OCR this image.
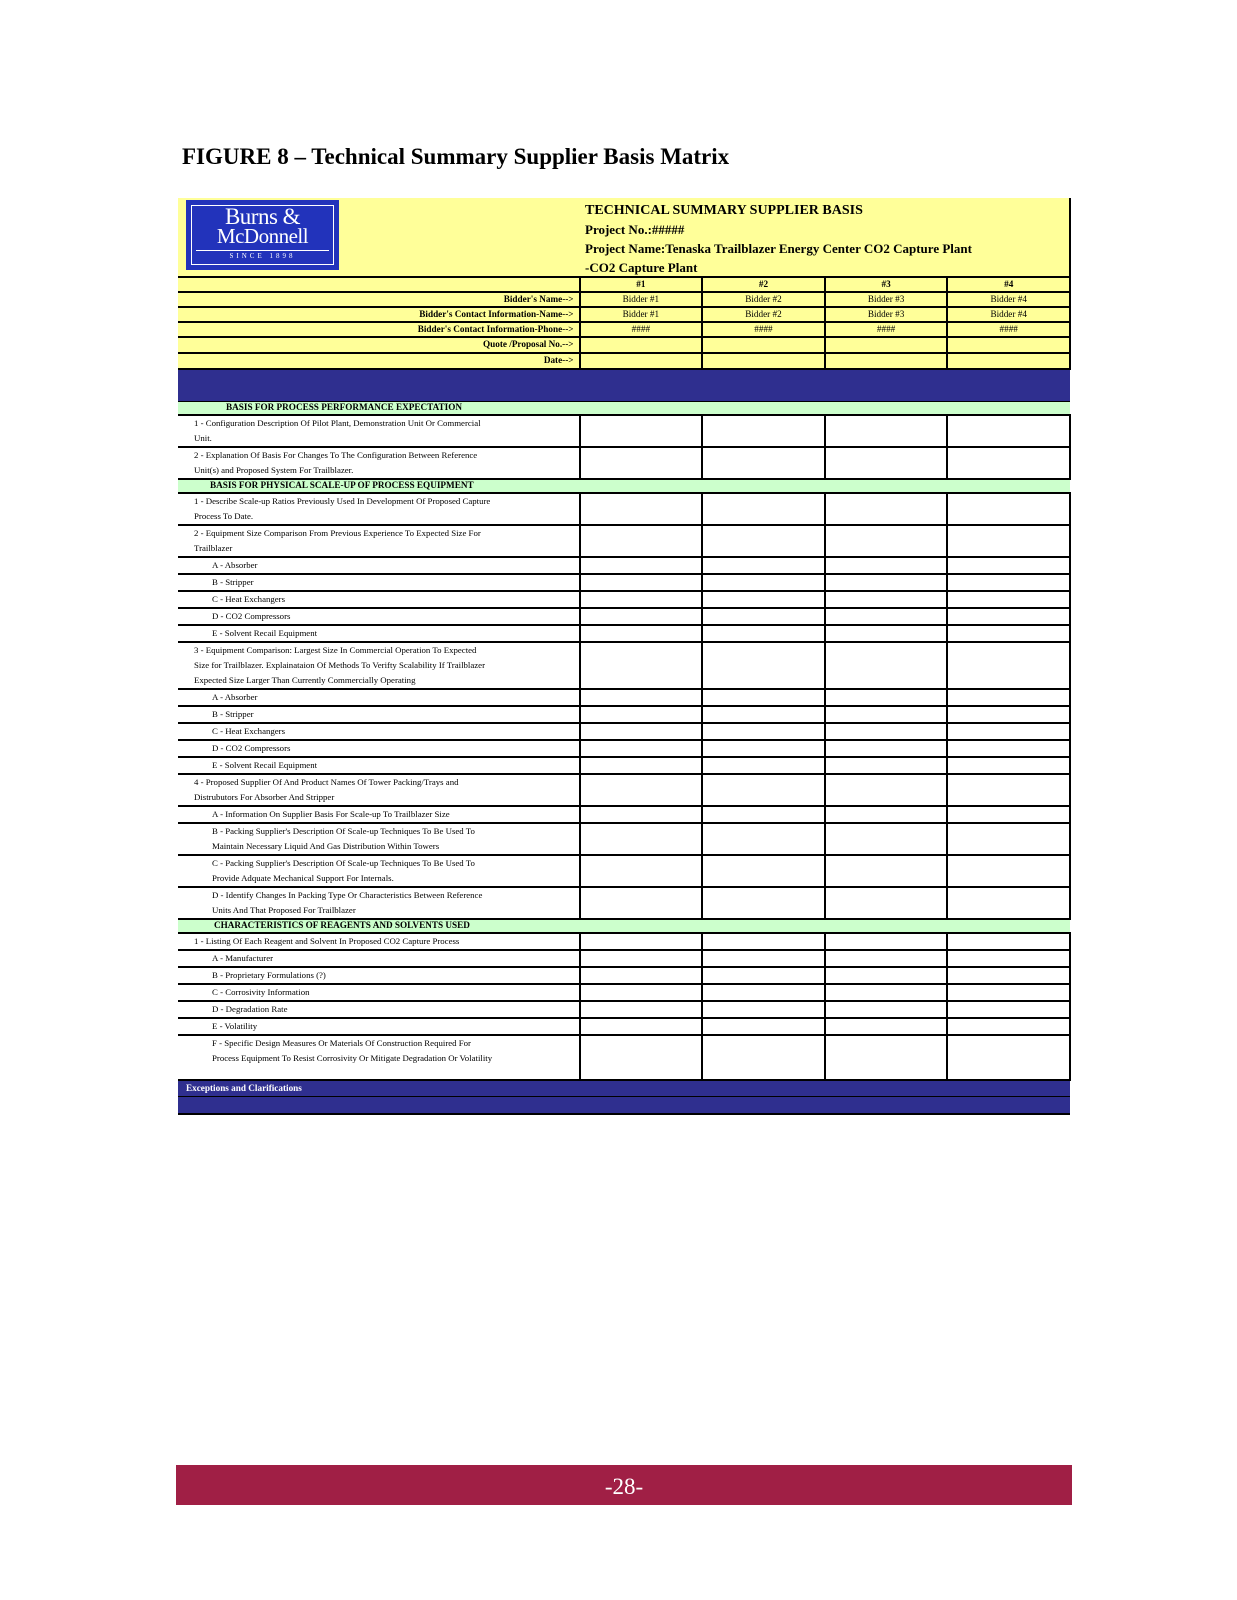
FIGURE 8 – Technical Summary Supplier Basis Matrix
Burns &
McDonnell
SINCE 1898
TECHNICAL SUMMARY SUPPLIER BASIS
Project No.:#####
Project Name:Tenaska Trailblazer Energy Center CO2 Capture Plant
-CO2 Capture Plant
	#1	#2	#3	#4
Bidder's Name-->	Bidder #1	Bidder #2	Bidder #3	Bidder #4
Bidder's Contact Information-Name-->	Bidder #1	Bidder #2	Bidder #3	Bidder #4
Bidder's Contact Information-Phone-->	####	####	####	####
Quote /Proposal No.-->				
Date-->				

BASIS FOR PROCESS PERFORMANCE EXPECTATION				

1 - Configuration Description Of Pilot Plant, Demonstration Unit Or Commercial
Unit.				

2 - Explanation Of Basis For Changes To The Configuration Between Reference
Unit(s) and Proposed System For Trailblazer.				

BASIS FOR PHYSICAL SCALE-UP OF PROCESS EQUIPMENT				

1 - Describe Scale-up Ratios Previously Used In Development Of Proposed Capture
Process To Date.				

2 - Equipment Size Comparison From Previous Experience To Expected Size For
Trailblazer				

A - Absorber				

B - Stripper				

C - Heat Exchangers				

D - CO2 Compressors				

E - Solvent Recail Equipment				

3 - Equipment Comparison: Largest Size In Commercial Operation To Expected
Size for Trailblazer. Explainataion Of Methods To Verifty Scalability If Trailblazer
Expected Size Larger Than Currently Commercially Operating				

A - Absorber				

B - Stripper				

C - Heat Exchangers				

D - CO2 Compressors				

E - Solvent Recail Equipment				

4 - Proposed Supplier Of And Product Names Of Tower Packing/Trays and
Distrubutors For Absorber And Stripper				

A - Information On Supplier Basis For Scale-up To Trailblazer Size				

B - Packing Supplier's Description Of Scale-up Techniques To Be Used To
Maintain Necessary Liquid And Gas Distribution Within Towers				

C - Packing Supplier's Description Of Scale-up Techniques To Be Used To
Provide Adquate Mechanical Support For Internals.				

D - Identify Changes In Packing Type Or Characteristics Between Reference
Units And That Proposed For Trailblazer				

CHARACTERISTICS OF REAGENTS AND SOLVENTS USED				

1 - Listing Of Each Reagent and Solvent In Proposed CO2 Capture Process				

A - Manufacturer				

B - Proprietary Formulations (?)				

C - Corrosivity Information				

D - Degradation Rate				

E - Volatility				

F - Specific Design Measures Or Materials Of Construction Required For
Process Equipment To Resist Corrosivity Or Mitigate Degradation Or Volatility				

Exceptions and Clarifications				

-28-
